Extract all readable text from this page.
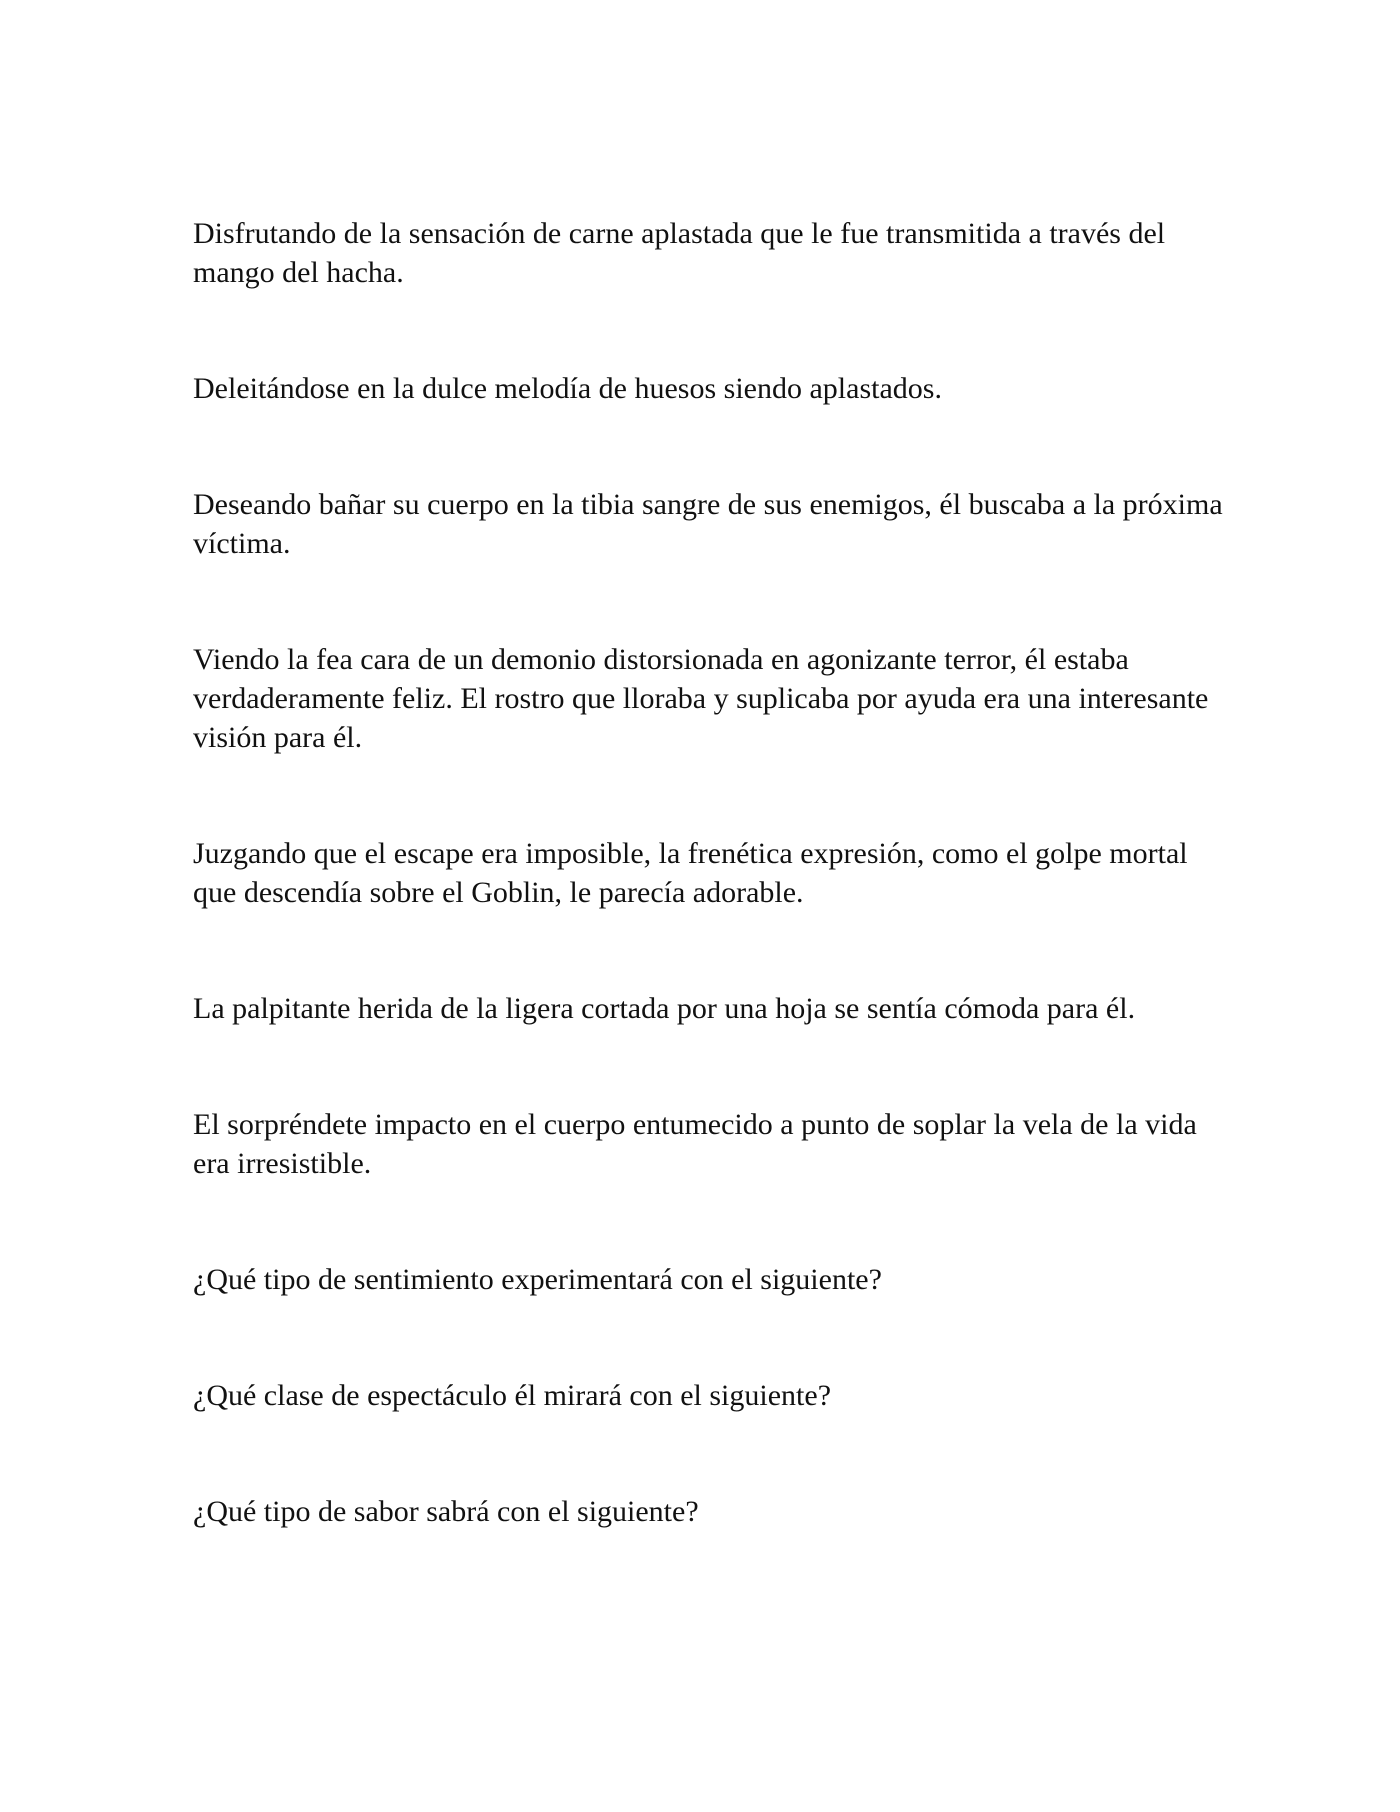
Disfrutando de la sensación de carne aplastada que le fue transmitida a través del mango del hacha.

Deleitándose en la dulce melodía de huesos siendo aplastados.

Deseando bañar su cuerpo en la tibia sangre de sus enemigos, él buscaba a la próxima víctima.

Viendo la fea cara de un demonio distorsionada en agonizante terror, él estaba verdaderamente feliz. El rostro que lloraba y suplicaba por ayuda era una interesante visión para él.

Juzgando que el escape era imposible, la frenética expresión, como el golpe mortal que descendía sobre el Goblin, le parecía adorable.

La palpitante herida de la ligera cortada por una hoja se sentía cómoda para él.

El sorpréndete impacto en el cuerpo entumecido a punto de soplar la vela de la vida era irresistible.

¿Qué tipo de sentimiento experimentará con el siguiente?

¿Qué clase de espectáculo él mirará con el siguiente?

¿Qué tipo de sabor sabrá con el siguiente?
